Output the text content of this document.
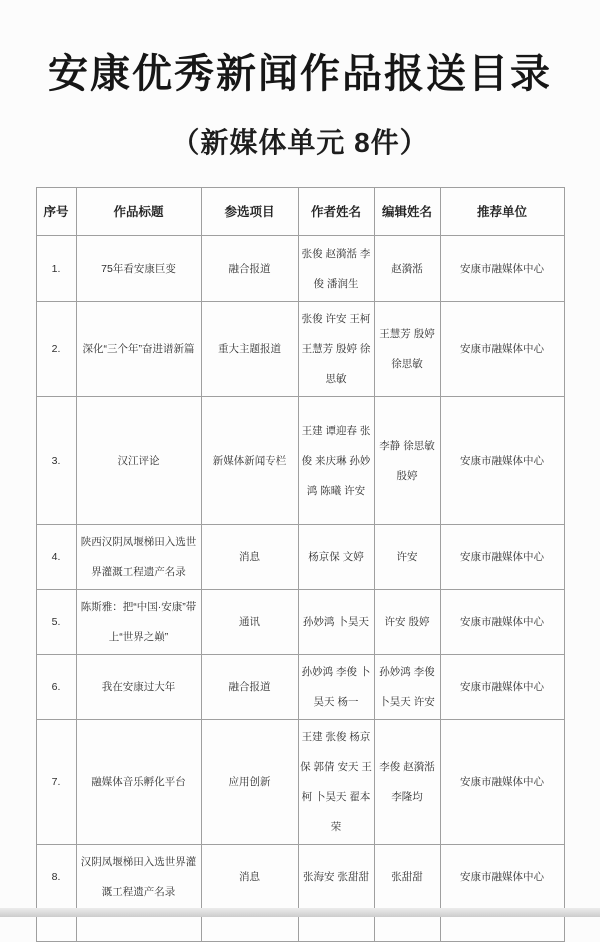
安康优秀新闻作品报送目录
（新媒体单元 8件）
序号	作品标题	参选项目	作者姓名	编辑姓名	推荐单位
1.	75年看安康巨变	融合报道	张俊 赵漪湉 李俊 潘润生	赵漪湉	安康市融媒体中心
2.	深化“三个年”奋进谱新篇	重大主题报道	张俊 许安 王柯 王慧芳 殷婷 徐思敏	王慧芳 殷婷 徐思敏	安康市融媒体中心
3.	汉江评论	新媒体新闻专栏	王建 谭迎春 张俊 来庆琳 孙妙鸿 陈曦 许安	李静 徐思敏 殷婷	安康市融媒体中心
4.	陕西汉阴凤堰梯田入选世界灌溉工程遗产名录	消息	杨京保 文婷	许安	安康市融媒体中心
5.	陈斯雅：把“中国·安康”带上“世界之巅”	通讯	孙妙鸿 卜昊天	许安 殷婷	安康市融媒体中心
6.	我在安康过大年	融合报道	孙妙鸿 李俊 卜昊天 杨一	孙妙鸿 李俊 卜昊天 许安	安康市融媒体中心
7.	融媒体音乐孵化平台	应用创新	王建 张俊 杨京保 郭倩 安天 王柯 卜昊天 翟本荣	李俊 赵漪湉 李隆均	安康市融媒体中心
8.	汉阴凤堰梯田入选世界灌溉工程遗产名录	消息	张海安 张甜甜	张甜甜	安康市融媒体中心
